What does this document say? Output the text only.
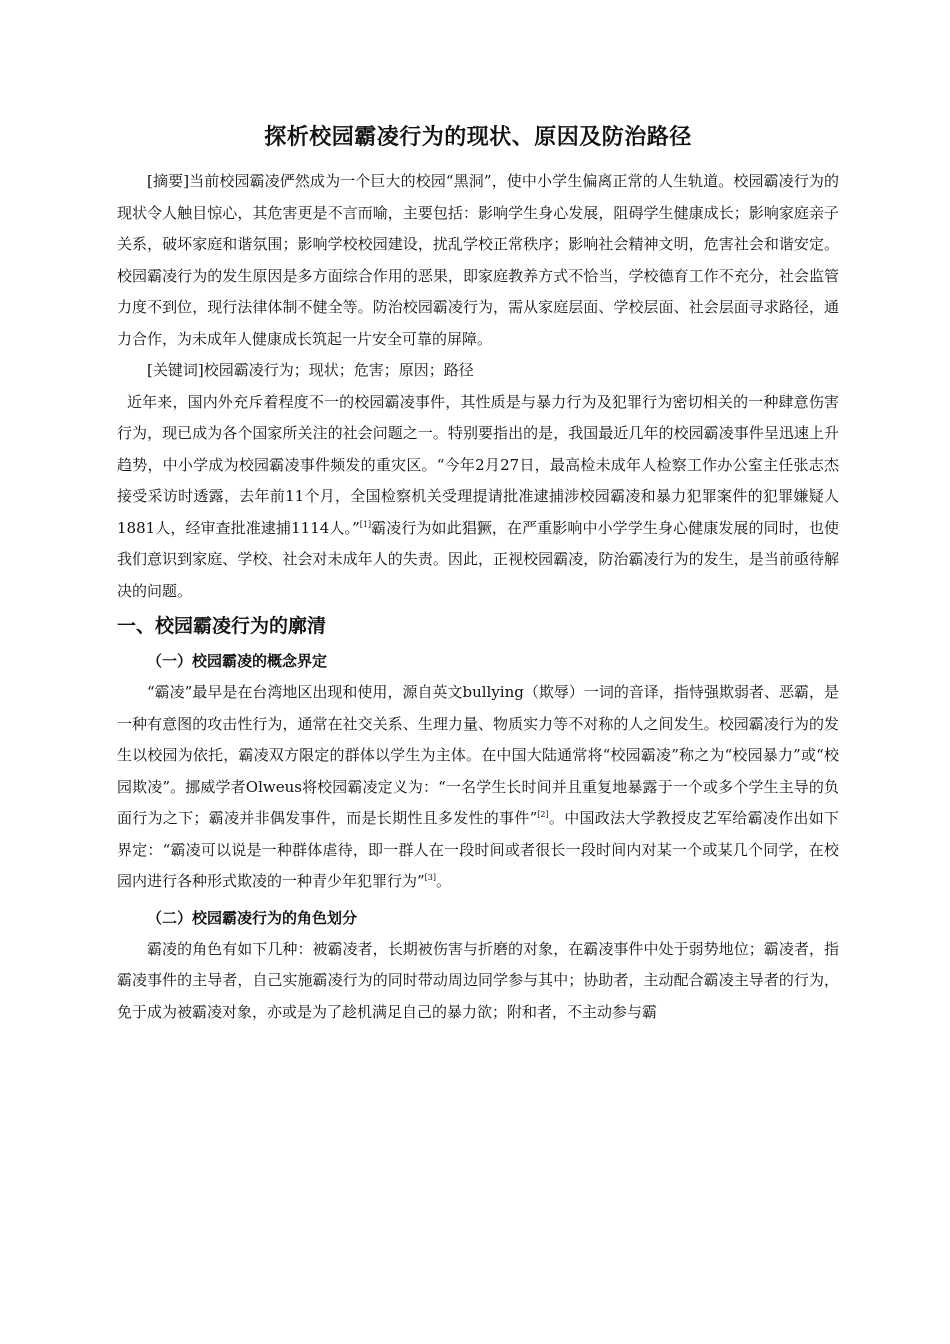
探析校园霸凌行为的现状、原因及防治路径

[摘要]当前校园霸凌俨然成为一个巨大的校园“黑洞”，使中小学生偏离正常的人生轨道。校园霸凌行为的现状令人触目惊心，其危害更是不言而喻，主要包括：影响学生身心发展，阻碍学生健康成长；影响家庭亲子关系，破坏家庭和谐氛围；影响学校校园建设，扰乱学校正常秩序；影响社会精神文明，危害社会和谐安定。校园霸凌行为的发生原因是多方面综合作用的恶果，即家庭教养方式不恰当，学校德育工作不充分，社会监管力度不到位，现行法律体制不健全等。防治校园霸凌行为，需从家庭层面、学校层面、社会层面寻求路径，通力合作，为未成年人健康成长筑起一片安全可靠的屏障。

[关键词]校园霸凌行为；现状；危害；原因；路径

近年来，国内外充斥着程度不一的校园霸凌事件，其性质是与暴力行为及犯罪行为密切相关的一种肆意伤害行为，现已成为各个国家所关注的社会问题之一。特别要指出的是，我国最近几年的校园霸凌事件呈迅速上升趋势，中小学成为校园霸凌事件频发的重灾区。“今年2月27日，最高检未成年人检察工作办公室主任张志杰接受采访时透露，去年前11个月，全国检察机关受理提请批准逮捕涉校园霸凌和暴力犯罪案件的犯罪嫌疑人1881人，经审查批准逮捕1114人。”[1]霸凌行为如此猖獗，在严重影响中小学学生身心健康发展的同时，也使我们意识到家庭、学校、社会对未成年人的失责。因此，正视校园霸凌，防治霸凌行为的发生，是当前亟待解决的问题。

一、校园霸凌行为的廓清
（一）校园霸凌的概念界定

“霸凌”最早是在台湾地区出现和使用，源自英文bullying（欺辱）一词的音译，指恃强欺弱者、恶霸，是一种有意图的攻击性行为，通常在社交关系、生理力量、物质实力等不对称的人之间发生。校园霸凌行为的发生以校园为依托，霸凌双方限定的群体以学生为主体。在中国大陆通常将“校园霸凌”称之为“校园暴力”或“校园欺凌”。挪威学者Olweus将校园霸凌定义为：“一名学生长时间并且重复地暴露于一个或多个学生主导的负面行为之下；霸凌并非偶发事件，而是长期性且多发性的事件”[2]。中国政法大学教授皮艺军给霸凌作出如下界定：“霸凌可以说是一种群体虐待，即一群人在一段时间或者很长一段时间内对某一个或某几个同学，在校园内进行各种形式欺凌的一种青少年犯罪行为”[3]。

（二）校园霸凌行为的角色划分

霸凌的角色有如下几种：被霸凌者，长期被伤害与折磨的对象，在霸凌事件中处于弱势地位；霸凌者，指霸凌事件的主导者，自己实施霸凌行为的同时带动周边同学参与其中；协助者，主动配合霸凌主导者的行为，免于成为被霸凌对象，亦或是为了趁机满足自己的暴力欲；附和者，不主动参与霸
